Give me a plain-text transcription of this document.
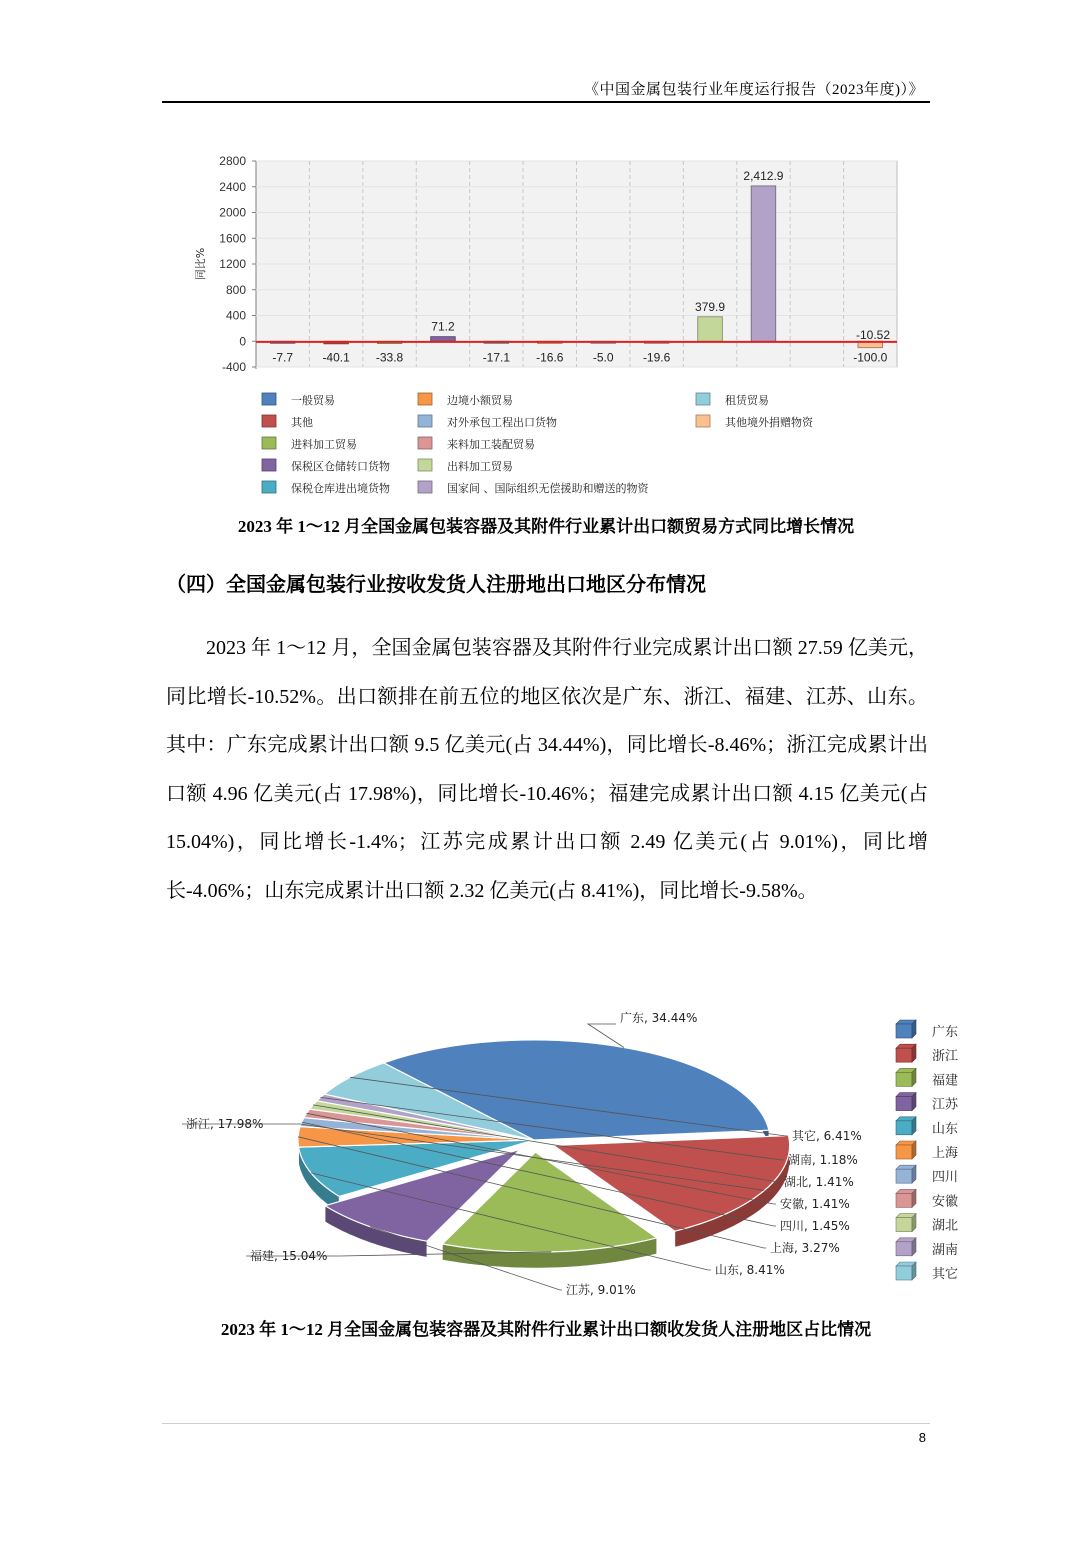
《中国金属包装行业年度运行报告（2023年度)）》
2800
2400
2000
1600
1200
800
400
0
-400
同比%
-7.7 -40.1 -33.8
71.2
-17.1 -16.6 -5.0 -19.6
379.9
2,412.9
-100.0
-10.52
一般贸易	边境小额贸易	租赁贸易
其他	对外承包工程出口货物	其他境外捐赠物资
进料加工贸易	来料加工装配贸易
保税区仓储转口货物	出料加工贸易
保税仓库进出境货物	国家间 、国际组织无偿援助和赠送的物资
2023 年 1～12 月全国金属包装容器及其附件行业累计出口额贸易方式同比增长情况
（四）全国金属包装行业按收发货人注册地出口地区分布情况
2023 年 1～12 月，全国金属包装容器及其附件行业完成累计出口额 27.59 亿美元，同比增长-10.52%。出口额排在前五位的地区依次是广东、浙江、福建、江苏、山东。其中：广东完成累计出口额 9.5 亿美元(占 34.44%)，同比增长-8.46%；浙江完成累计出口额 4.96 亿美元(占 17.98%)，同比增长-10.46%；福建完成累计出口额 4.15 亿美元(占 15.04%)，同比增长-1.4%；江苏完成累计出口额 2.49 亿美元(占 9.01%)，同比增长-4.06%；山东完成累计出口额 2.32 亿美元(占 8.41%)，同比增长-9.58%。
广东, 34.44%
浙江, 17.98%
福建, 15.04%
江苏, 9.01%
山东, 8.41%
上海, 3.27%
四川, 1.45%
安徽, 1.41%
湖北, 1.41%
湖南, 1.18%
其它, 6.41%
广东
浙江
福建
江苏
山东
上海
四川
安徽
湖北
湖南
其它
2023 年 1～12 月全国金属包装容器及其附件行业累计出口额收发货人注册地区占比情况
8
